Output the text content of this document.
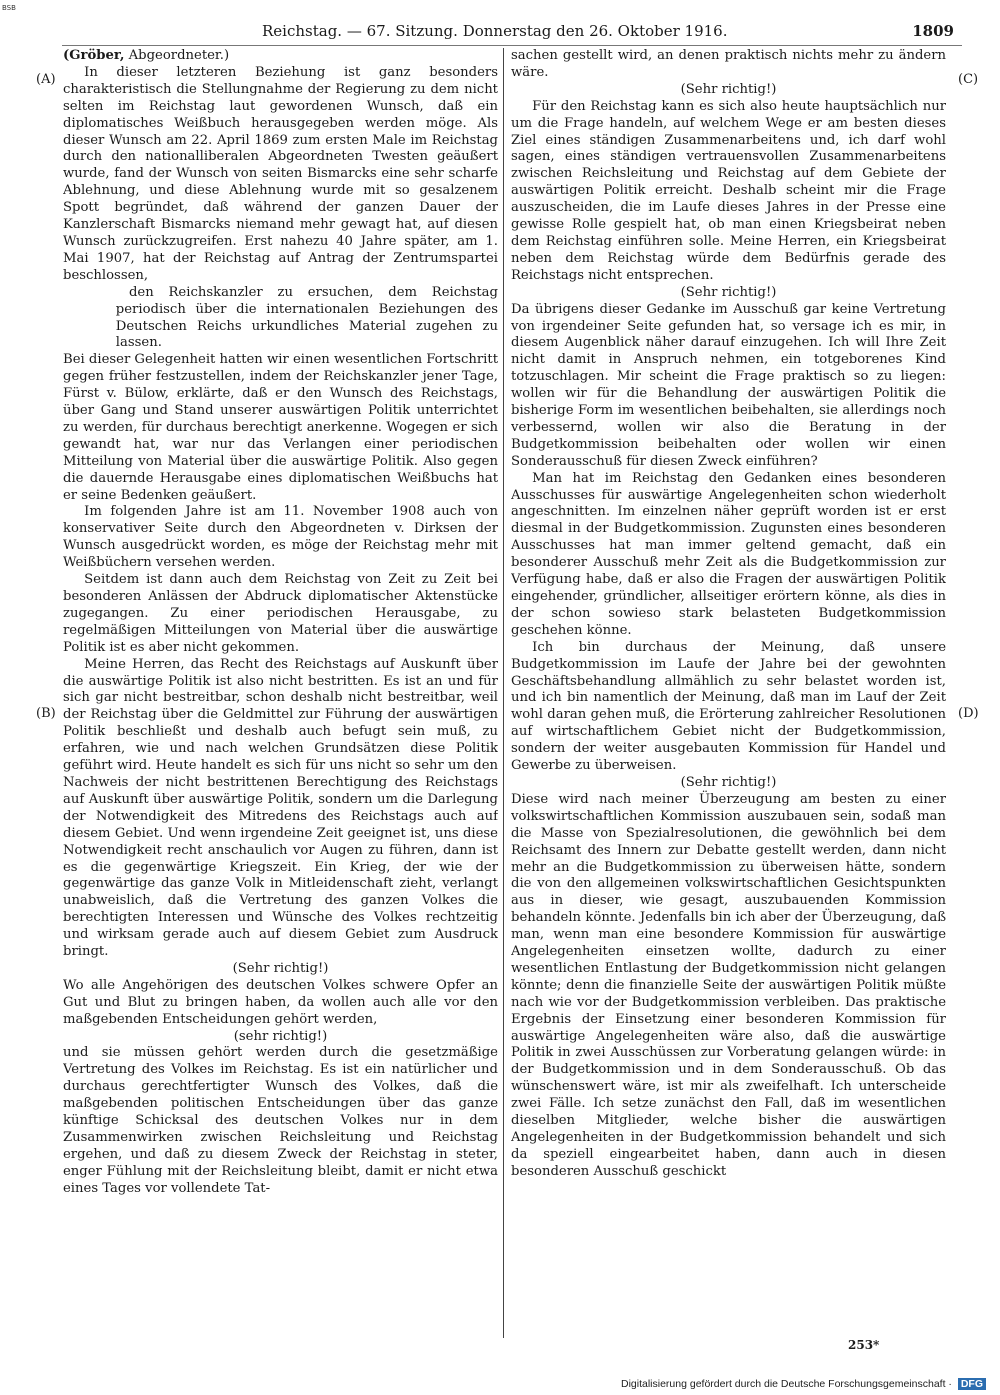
BSB
Reichstag. — 67. Sitzung. Donnerstag den 26. Oktober 1916.	1809
(A)
(B)
(C)
(D)

(Gröber, Abgeordneter.)

In dieser letzteren Beziehung ist ganz besonders charakteristisch die Stellungnahme der Regierung zu dem nicht selten im Reichstag laut gewordenen Wunsch, daß ein diplomatisches Weißbuch herausgegeben werden möge. Als dieser Wunsch am 22. April 1869 zum ersten Male im Reichstag durch den nationalliberalen Abgeordneten Twesten geäußert wurde, fand der Wunsch von seiten Bismarcks eine sehr scharfe Ablehnung, und diese Ablehnung wurde mit so gesalzenem Spott begründet, daß während der ganzen Dauer der Kanzlerschaft Bismarcks niemand mehr gewagt hat, auf diesen Wunsch zurückzugreifen. Erst nahezu 40 Jahre später, am 1. Mai 1907, hat der Reichstag auf Antrag der Zentrumspartei beschlossen,

den Reichskanzler zu ersuchen, dem Reichstag periodisch über die internationalen Beziehungen des Deutschen Reichs urkundliches Material zugehen zu lassen.

Bei dieser Gelegenheit hatten wir einen wesentlichen Fortschritt gegen früher festzustellen, indem der Reichskanzler jener Tage, Fürst v. Bülow, erklärte, daß er den Wunsch des Reichstags, über Gang und Stand unserer auswärtigen Politik unterrichtet zu werden, für durchaus berechtigt anerkenne. Wogegen er sich gewandt hat, war nur das Verlangen einer periodischen Mitteilung von Material über die auswärtige Politik. Also gegen die dauernde Herausgabe eines diplomatischen Weißbuchs hat er seine Bedenken geäußert.

Im folgenden Jahre ist am 11. November 1908 auch von konservativer Seite durch den Abgeordneten v. Dirksen der Wunsch ausgedrückt worden, es möge der Reichstag mehr mit Weißbüchern versehen werden.

Seitdem ist dann auch dem Reichstag von Zeit zu Zeit bei besonderen Anlässen der Abdruck diplomatischer Aktenstücke zugegangen. Zu einer periodischen Herausgabe, zu regelmäßigen Mitteilungen von Material über die auswärtige Politik ist es aber nicht gekommen.

Meine Herren, das Recht des Reichstags auf Auskunft über die auswärtige Politik ist also nicht bestritten. Es ist an und für sich gar nicht bestreitbar, schon deshalb nicht bestreitbar, weil der Reichstag über die Geldmittel zur Führung der auswärtigen Politik beschließt und deshalb auch befugt sein muß, zu erfahren, wie und nach welchen Grundsätzen diese Politik geführt wird. Heute handelt es sich für uns nicht so sehr um den Nachweis der nicht bestrittenen Berechtigung des Reichstags auf Auskunft über auswärtige Politik, sondern um die Darlegung der Notwendigkeit des Mitredens des Reichstags auch auf diesem Gebiet. Und wenn irgendeine Zeit geeignet ist, uns diese Notwendigkeit recht anschaulich vor Augen zu führen, dann ist es die gegenwärtige Kriegszeit. Ein Krieg, der wie der gegenwärtige das ganze Volk in Mitleidenschaft zieht, verlangt unabweislich, daß die Vertretung des ganzen Volkes die berechtigten Interessen und Wünsche des Volkes rechtzeitig und wirksam gerade auch auf diesem Gebiet zum Ausdruck bringt.

(Sehr richtig!)

Wo alle Angehörigen des deutschen Volkes schwere Opfer an Gut und Blut zu bringen haben, da wollen auch alle vor den maßgebenden Entscheidungen gehört werden,

(sehr richtig!)

und sie müssen gehört werden durch die gesetzmäßige Vertretung des Volkes im Reichstag. Es ist ein natürlicher und durchaus gerechtfertigter Wunsch des Volkes, daß die maßgebenden politischen Entscheidungen über das ganze künftige Schicksal des deutschen Volkes nur in dem Zusammenwirken zwischen Reichsleitung und Reichstag ergehen, und daß zu diesem Zweck der Reichstag in steter, enger Fühlung mit der Reichsleitung bleibt, damit er nicht etwa eines Tages vor vollendete Tat-

sachen gestellt wird, an denen praktisch nichts mehr zu ändern wäre.

(Sehr richtig!)

Für den Reichstag kann es sich also heute hauptsächlich nur um die Frage handeln, auf welchem Wege er am besten dieses Ziel eines ständigen Zusammenarbeitens und, ich darf wohl sagen, eines ständigen vertrauensvollen Zusammenarbeitens zwischen Reichsleitung und Reichstag auf dem Gebiete der auswärtigen Politik erreicht. Deshalb scheint mir die Frage auszuscheiden, die im Laufe dieses Jahres in der Presse eine gewisse Rolle gespielt hat, ob man einen Kriegsbeirat neben dem Reichstag einführen solle. Meine Herren, ein Kriegsbeirat neben dem Reichstag würde dem Bedürfnis gerade des Reichstags nicht entsprechen.

(Sehr richtig!)

Da übrigens dieser Gedanke im Ausschuß gar keine Vertretung von irgendeiner Seite gefunden hat, so versage ich es mir, in diesem Augenblick näher darauf einzugehen. Ich will Ihre Zeit nicht damit in Anspruch nehmen, ein totgeborenes Kind totzuschlagen. Mir scheint die Frage praktisch so zu liegen: wollen wir für die Behandlung der auswärtigen Politik die bisherige Form im wesentlichen beibehalten, sie allerdings noch verbessernd, wollen wir also die Beratung in der Budgetkommission beibehalten oder wollen wir einen Sonderausschuß für diesen Zweck einführen?

Man hat im Reichstag den Gedanken eines besonderen Ausschusses für auswärtige Angelegenheiten schon wiederholt angeschnitten. Im einzelnen näher geprüft worden ist er erst diesmal in der Budgetkommission. Zugunsten eines besonderen Ausschusses hat man immer geltend gemacht, daß ein besonderer Ausschuß mehr Zeit als die Budgetkommission zur Verfügung habe, daß er also die Fragen der auswärtigen Politik eingehender, gründlicher, allseitiger erörtern könne, als dies in der schon sowieso stark belasteten Budgetkommission geschehen könne.

Ich bin durchaus der Meinung, daß unsere Budgetkommission im Laufe der Jahre bei der gewohnten Geschäftsbehandlung allmählich zu sehr belastet worden ist, und ich bin namentlich der Meinung, daß man im Lauf der Zeit wohl daran gehen muß, die Erörterung zahlreicher Resolutionen auf wirtschaftlichem Gebiet nicht der Budgetkommission, sondern der weiter ausgebauten Kommission für Handel und Gewerbe zu überweisen.

(Sehr richtig!)

Diese wird nach meiner Überzeugung am besten zu einer volkswirtschaftlichen Kommission auszubauen sein, sodaß man die Masse von Spezialresolutionen, die gewöhnlich bei dem Reichsamt des Innern zur Debatte gestellt werden, dann nicht mehr an die Budgetkommission zu überweisen hätte, sondern die von den allgemeinen volkswirtschaftlichen Gesichtspunkten aus in dieser, wie gesagt, auszubauenden Kommission behandeln könnte. Jedenfalls bin ich aber der Überzeugung, daß man, wenn man eine besondere Kommission für auswärtige Angelegenheiten einsetzen wollte, dadurch zu einer wesentlichen Entlastung der Budgetkommission nicht gelangen könnte; denn die finanzielle Seite der auswärtigen Politik müßte nach wie vor der Budgetkommission verbleiben. Das praktische Ergebnis der Einsetzung einer besonderen Kommission für auswärtige Angelegenheiten wäre also, daß die auswärtige Politik in zwei Ausschüssen zur Vorberatung gelangen würde: in der Budgetkommission und in dem Sonderausschuß. Ob das wünschenswert wäre, ist mir als zweifelhaft. Ich unterscheide zwei Fälle. Ich setze zunächst den Fall, daß im wesentlichen dieselben Mitglieder, welche bisher die auswärtigen Angelegenheiten in der Budgetkommission behandelt und sich da speziell eingearbeitet haben, dann auch in diesen besonderen Ausschuß geschickt

253*
Digitalisierung gefördert durch die Deutsche Forschungsgemeinschaft · DFG
